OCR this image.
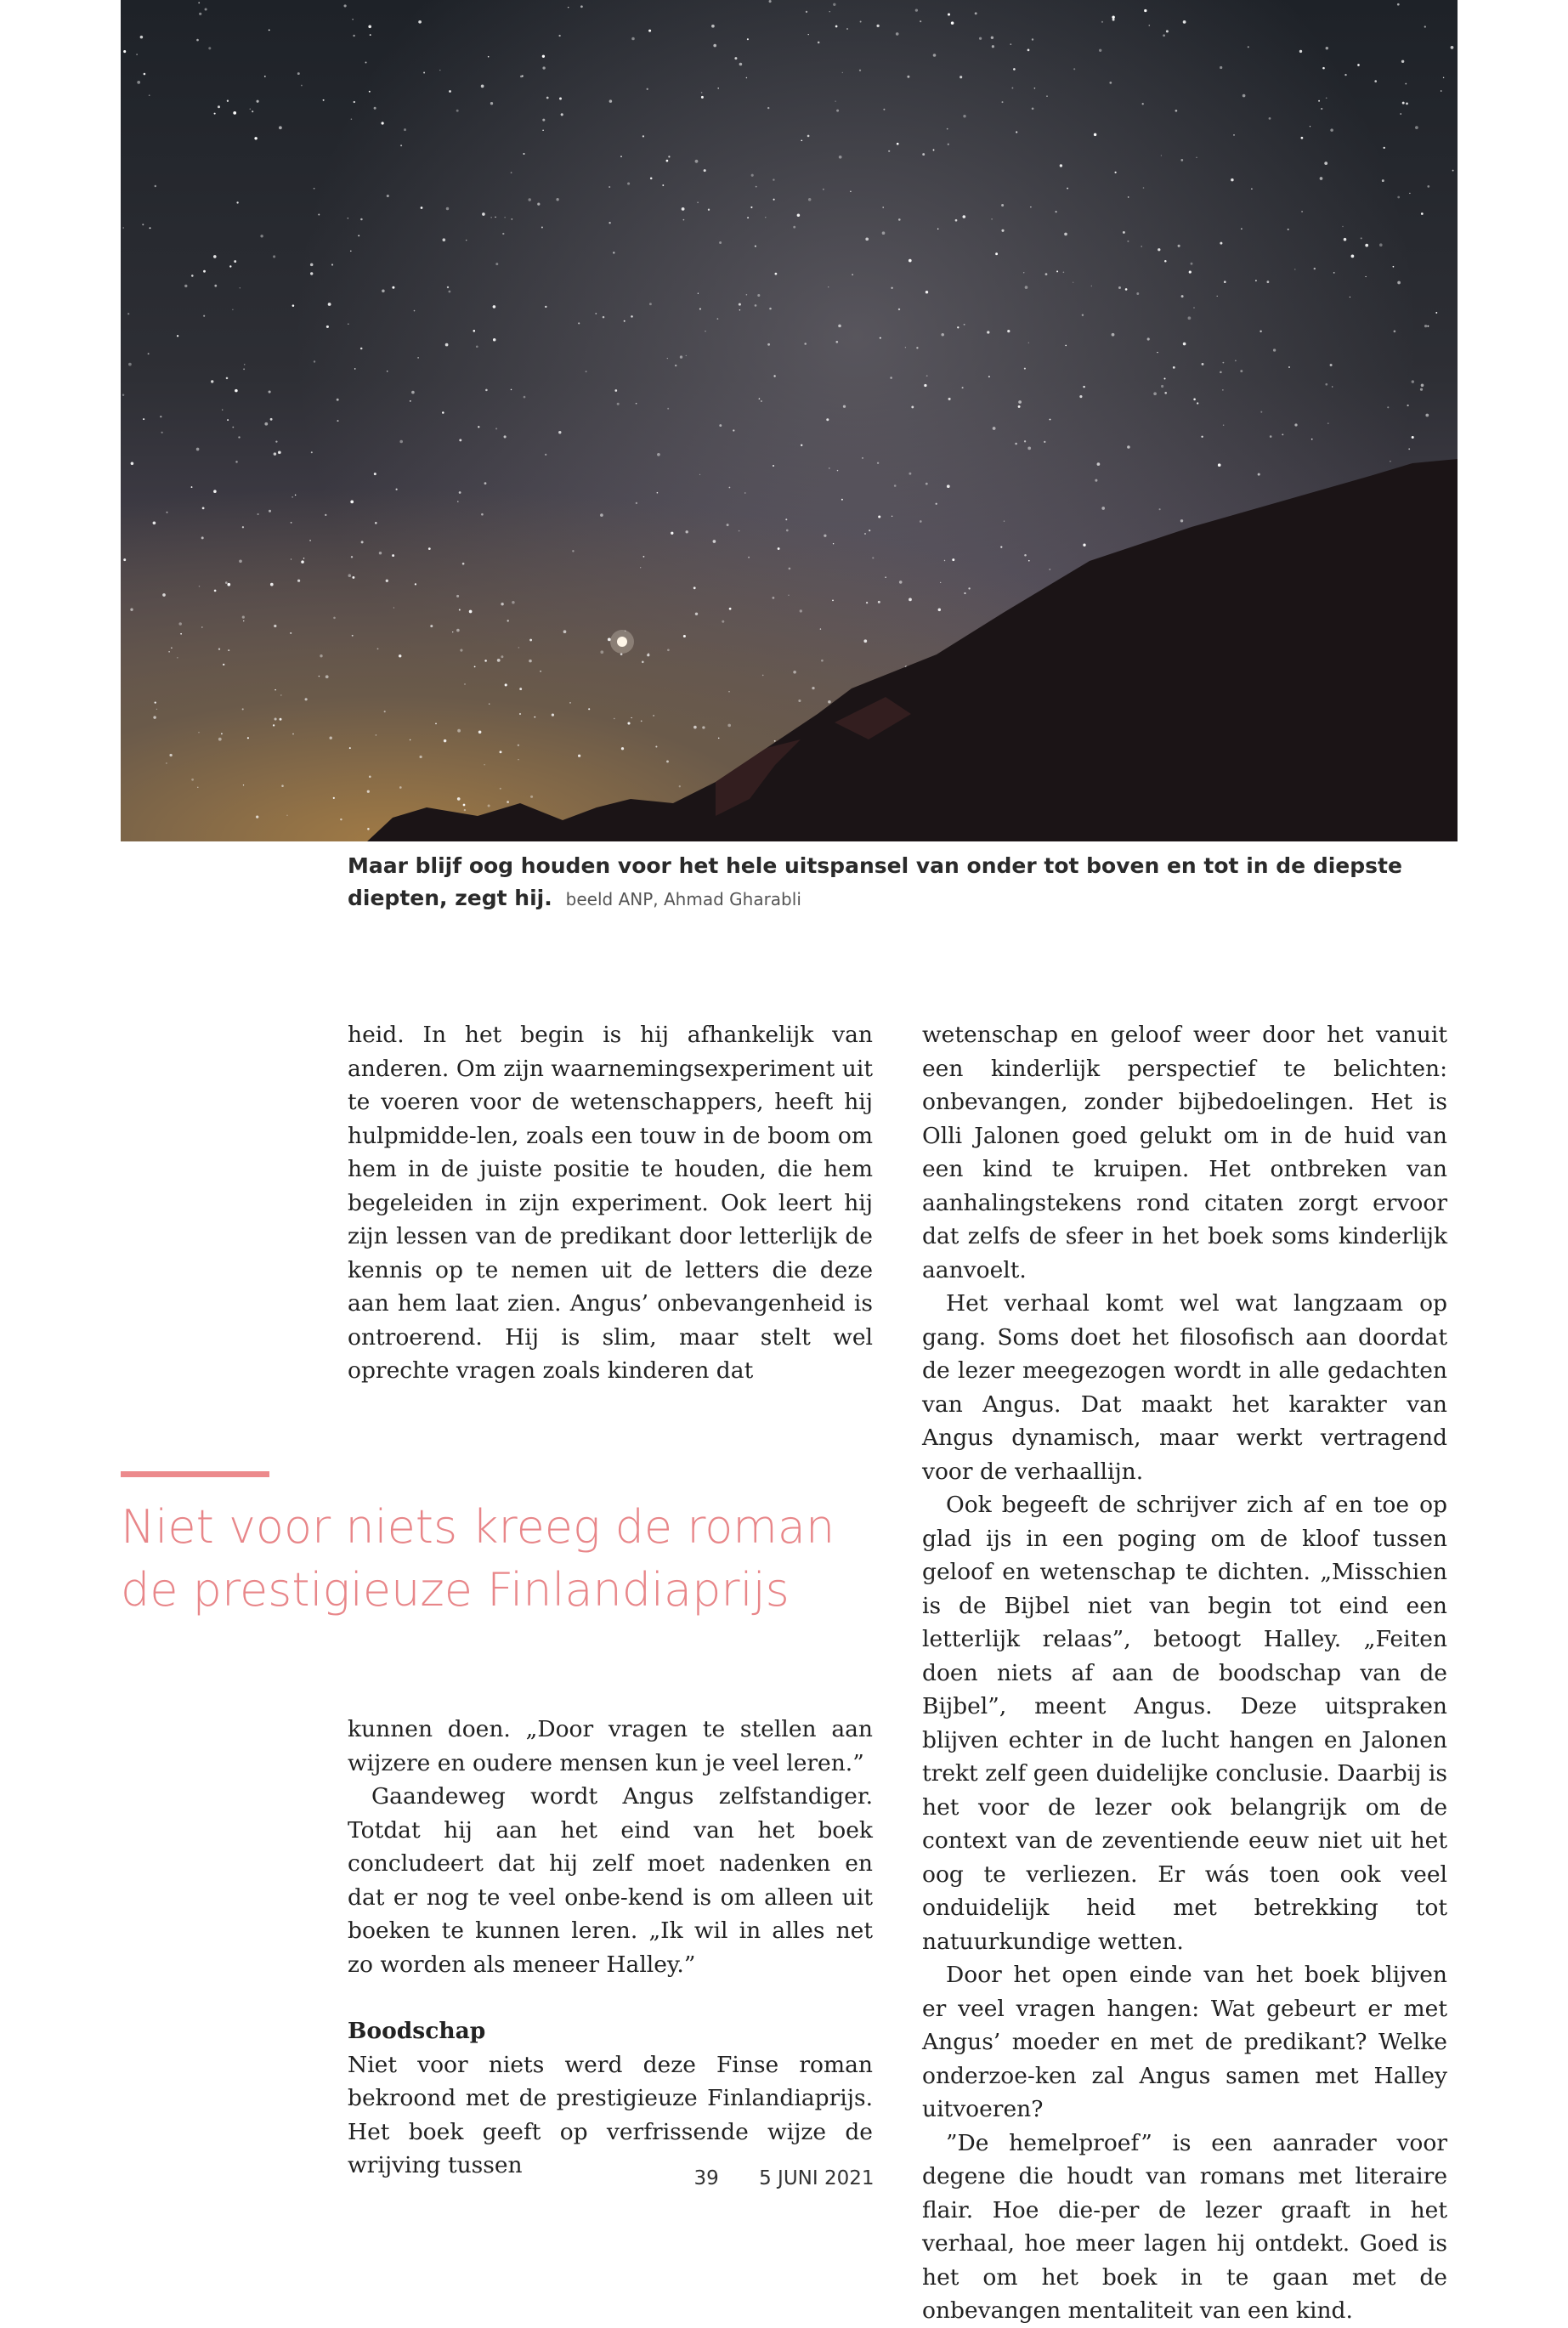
Maar blijf oog houden voor het hele uitspansel van onder tot boven en tot in de diepste diepten, zegt hij. beeld ANP, Ahmad Gharabli

heid. In het begin is hij afhankelijk van anderen. Om zijn waarnemingsexperiment uit te voeren voor de wetenschappers, heeft hij hulpmidde-len, zoals een touw in de boom om hem in de juiste positie te houden, die hem begeleiden in zijn experiment. Ook leert hij zijn lessen van de predikant door letterlijk de kennis op te nemen uit de letters die deze aan hem laat zien. Angus’ onbevangenheid is ontroerend. Hij is slim, maar stelt wel oprechte vragen zoals kinderen dat

Niet voor niets kreeg de roman de prestigieuze Finlandiaprijs

kunnen doen. „Door vragen te stellen aan wijzere en oudere mensen kun je veel leren.”

Gaandeweg wordt Angus zelfstandiger. Totdat hij aan het eind van het boek concludeert dat hij zelf moet nadenken en dat er nog te veel onbe-kend is om alleen uit boeken te kunnen leren. „Ik wil in alles net zo worden als meneer Halley.”

Boodschap

Niet voor niets werd deze Finse roman bekroond met de prestigieuze Finlandiaprijs. Het boek geeft op verfrissende wijze de wrijving tussen

wetenschap en geloof weer door het vanuit een kinderlijk perspectief te belichten: onbevangen, zonder bijbedoelingen. Het is Olli Jalonen goed gelukt om in de huid van een kind te kruipen. Het ontbreken van aanhalingstekens rond citaten zorgt ervoor dat zelfs de sfeer in het boek soms kinderlijk aanvoelt.

Het verhaal komt wel wat langzaam op gang. Soms doet het filosofisch aan doordat de lezer meegezogen wordt in alle gedachten van Angus. Dat maakt het karakter van Angus dynamisch, maar werkt vertragend voor de verhaallijn.

Ook begeeft de schrijver zich af en toe op glad ijs in een poging om de kloof tussen geloof en wetenschap te dichten. „Misschien is de Bijbel niet van begin tot eind een letterlijk relaas”, betoogt Halley. „Feiten doen niets af aan de boodschap van de Bijbel”, meent Angus. Deze uitspraken blijven echter in de lucht hangen en Jalonen trekt zelf geen duidelijke conclusie. Daarbij is het voor de lezer ook belangrijk om de context van de zeventiende eeuw niet uit het oog te verliezen. Er wás toen ook veel onduidelijk heid met betrekking tot natuurkundige wetten.

Door het open einde van het boek blijven er veel vragen hangen: Wat gebeurt er met Angus’ moeder en met de predikant? Welke onderzoe-ken zal Angus samen met Halley uitvoeren?

”De hemelproef” is een aanrader voor degene die houdt van romans met literaire flair. Hoe die-per de lezer graaft in het verhaal, hoe meer lagen hij ontdekt. Goed is het om het boek in te gaan met de onbevangen mentaliteit van een kind.

39 5 JUNI 2021
